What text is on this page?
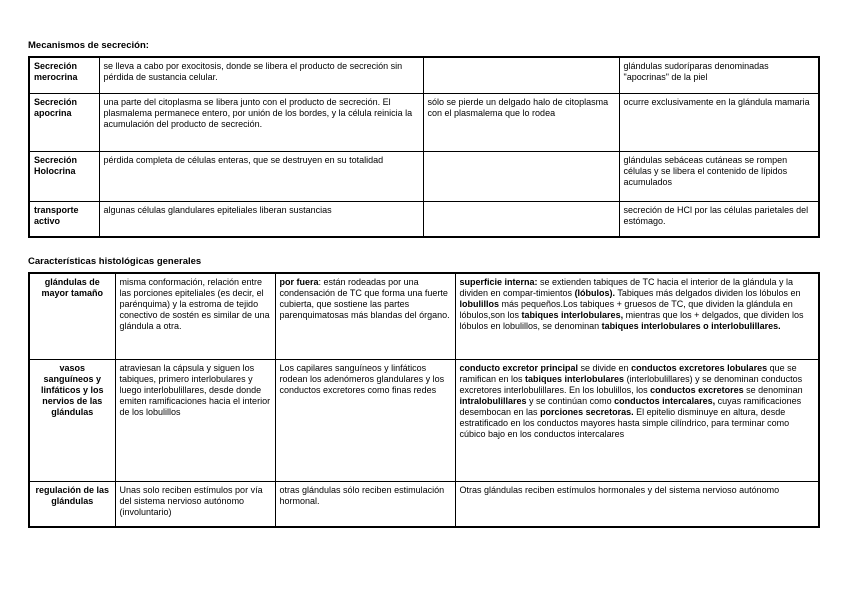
Mecanismos de secreción:
Secreción merocrina	se lleva a cabo por exocitosis, donde se libera el producto de secreción sin pérdida de sustancia celular.		glándulas sudoríparas denominadas "apocrinas" de la piel
Secreción apocrina	una parte del citoplasma se libera junto con el producto de secreción. El plasmalema permanece entero, por unión de los bordes, y la célula reinicia la acumulación del producto de secreción.	sólo se pierde un delgado halo de citoplasma con el plasmalema que lo rodea	ocurre exclusivamente en la glándula mamaria
Secreción Holocrina	pérdida completa de células enteras, que se destruyen en su totalidad		glándulas sebáceas cutáneas se rompen células y se libera el contenido de lípidos acumulados
transporte activo	algunas células glandulares epiteliales liberan sustancias		secreción de HCl por las células parietales del estómago.
Características histológicas generales
glándulas de mayor tamaño	misma conformación, relación entre las porciones epiteliales (es decir, el parénquima) y la estroma de tejido conectivo de sostén es similar de una glándula a otra.	por fuera: están rodeadas por una condensación de TC que forma una fuerte cubierta, que sostiene las partes parenquimatosas más blandas del órgano.	superficie interna: se extienden tabiques de TC hacia el interior de la glándula y la dividen en compar-timientos (lóbulos). Tabiques más delgados dividen los lóbulos en lobulillos más pequeños.Los tabiques + gruesos de TC, que dividen la glándula en lóbulos,son los tabiques interlobulares, mientras que los + delgados, que dividen los lóbulos en lobulillos, se denominan tabiques interlobulares o interlobulillares.
vasos sanguíneos y linfáticos y los nervios de las glándulas	atraviesan la cápsula y siguen los tabiques, primero interlobulares y luego interlobulillares, desde donde emiten ramificaciones hacia el interior de los lobulillos	Los capilares sanguíneos y linfáticos rodean los adenómeros glandulares y los conductos excretores como finas redes	conducto excretor principal se divide en conductos excretores lobulares que se ramifican en los tabiques interlobulares (interlobulillares) y se denominan conductos excretores interlobulillares. En los lobulillos, los conductos excretores se denominan intralobulillares y se continúan como conductos intercalares, cuyas ramificaciones desembocan en las porciones secretoras. El epitelio disminuye en altura, desde estratificado en los conductos mayores hasta simple cilíndrico, para terminar como cúbico bajo en los conductos intercalares
regulación de las glándulas	Unas solo reciben estímulos por vía del sistema nervioso autónomo (involuntario)	otras glándulas sólo reciben estimulación hormonal.	Otras glándulas reciben estímulos hormonales y del sistema nervioso autónomo
